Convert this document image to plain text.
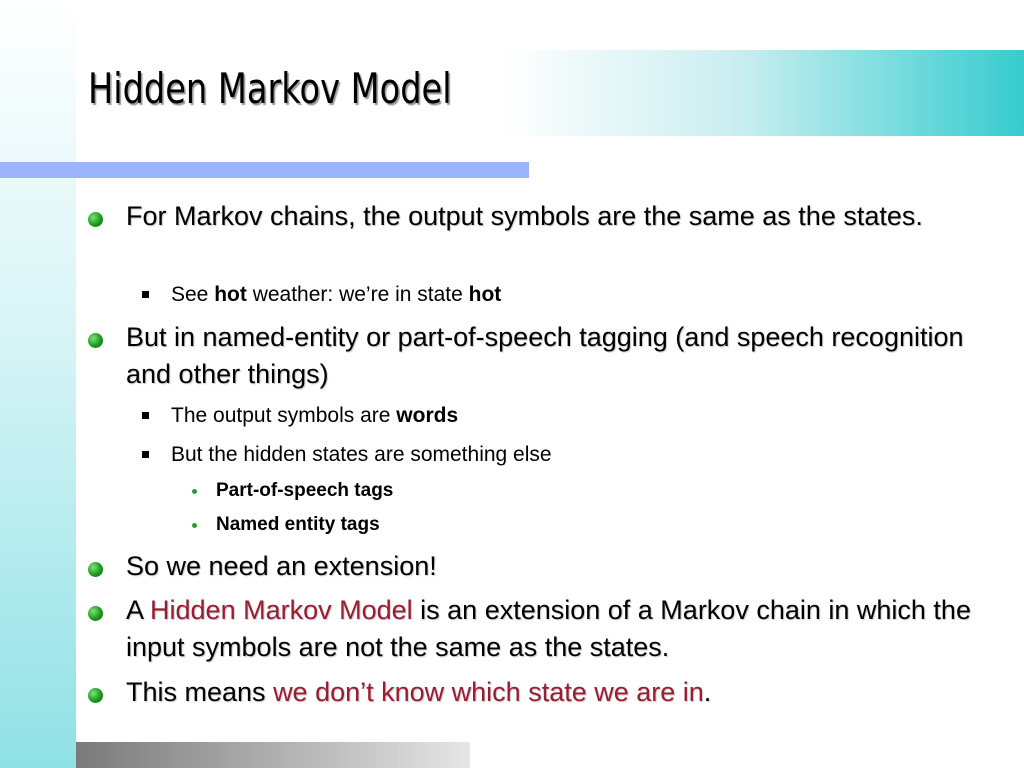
Hidden Markov Model
For Markov chains, the output symbols are the same as the states.
See hot weather: we’re in state hot
But in named-entity or part-of-speech tagging (and speech recognition and other things)
The output symbols are words
But the hidden states are something else
Part-of-speech tags
Named entity tags
So we need an extension!
A Hidden Markov Model is an extension of a Markov chain in which the input symbols are not the same as the states.
This means we don’t know which state we are in.
